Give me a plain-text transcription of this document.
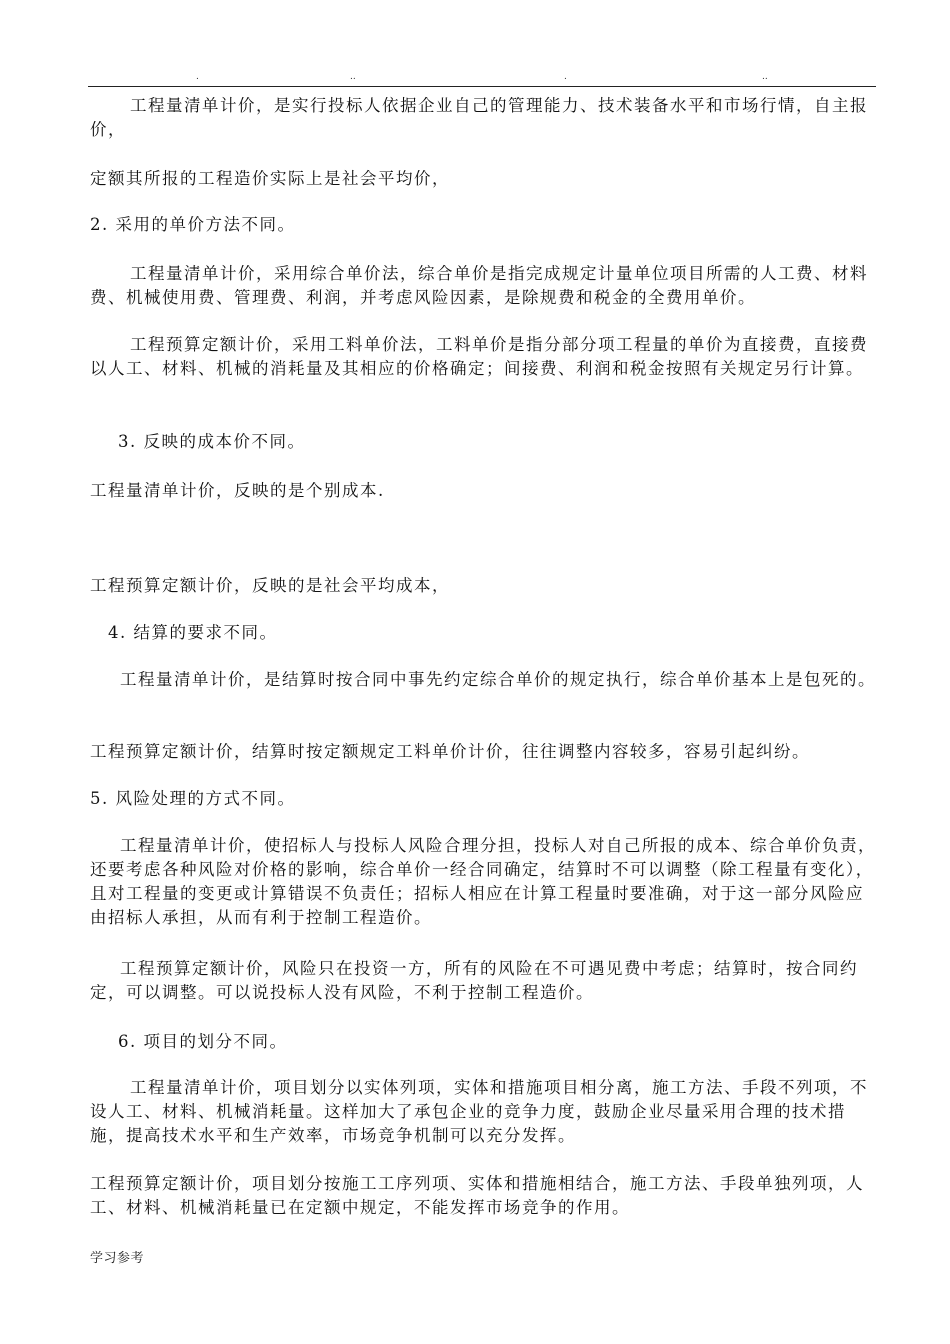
.	..	.	..
工程量清单计价，是实行投标人依据企业自己的管理能力、技术装备水平和市场行情，自主报价，
定额其所报的工程造价实际上是社会平均价，
2. 采用的单价方法不同。
工程量清单计价，采用综合单价法，综合单价是指完成规定计量单位项目所需的人工费、材料费、机械使用费、管理费、利润，并考虑风险因素，是除规费和税金的全费用单价。
工程预算定额计价，采用工料单价法，工料单价是指分部分项工程量的单价为直接费，直接费以人工、材料、机械的消耗量及其相应的价格确定；间接费、利润和税金按照有关规定另行计算。
3. 反映的成本价不同。
工程量清单计价，反映的是个别成本.
工程预算定额计价，反映的是社会平均成本，
4. 结算的要求不同。
工程量清单计价，是结算时按合同中事先约定综合单价的规定执行，综合单价基本上是包死的。
工程预算定额计价，结算时按定额规定工料单价计价，往往调整内容较多，容易引起纠纷。
5. 风险处理的方式不同。
工程量清单计价，使招标人与投标人风险合理分担，投标人对自己所报的成本、综合单价负责，还要考虑各种风险对价格的影响，综合单价一经合同确定，结算时不可以调整（除工程量有变化），且对工程量的变更或计算错误不负责任；招标人相应在计算工程量时要准确，对于这一部分风险应由招标人承担，从而有利于控制工程造价。
工程预算定额计价，风险只在投资一方，所有的风险在不可遇见费中考虑；结算时，按合同约定，可以调整。可以说投标人没有风险，不利于控制工程造价。
6. 项目的划分不同。
工程量清单计价，项目划分以实体列项，实体和措施项目相分离，施工方法、手段不列项，不设人工、材料、机械消耗量。这样加大了承包企业的竞争力度，鼓励企业尽量采用合理的技术措施，提高技术水平和生产效率，市场竞争机制可以充分发挥。
工程预算定额计价，项目划分按施工工序列项、实体和措施相结合，施工方法、手段单独列项，人工、材料、机械消耗量已在定额中规定，不能发挥市场竞争的作用。
学习参考
